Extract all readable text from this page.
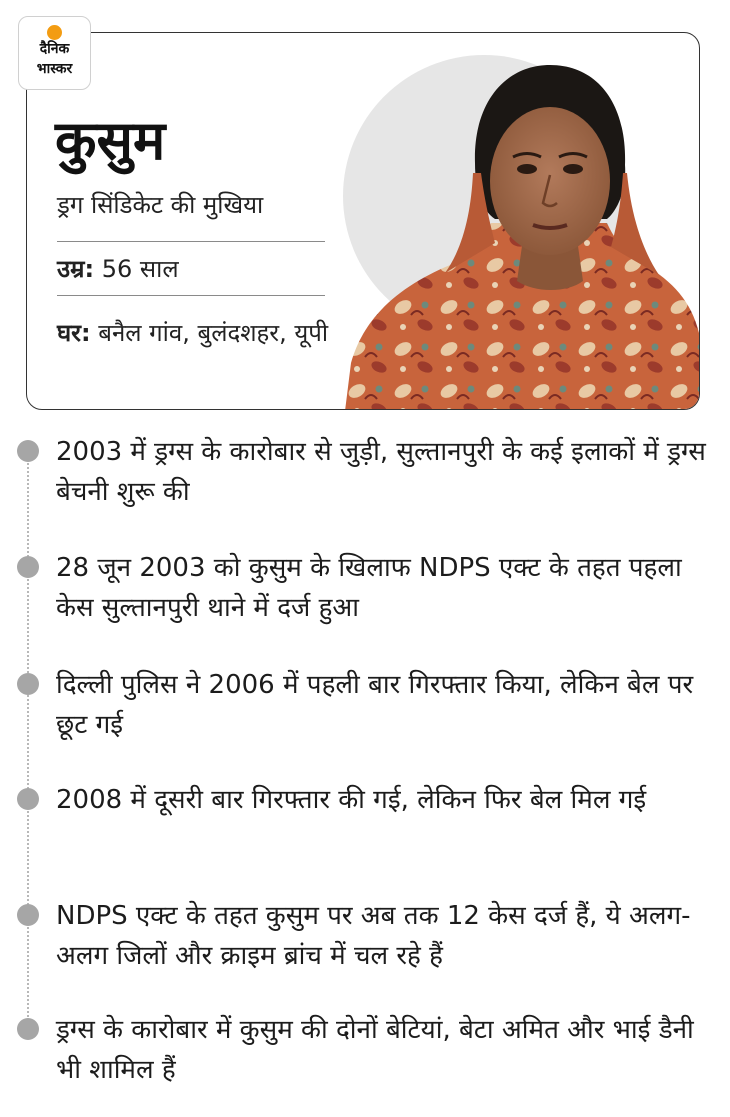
दैनिक
भास्कर
कुसुम
ड्रग सिंडिकेट की मुखिया
उम्र: 56 साल
घर: बनैल गांव, बुलंदशहर, यूपी
2003 में ड्रग्स के कारोबार से जुड़ी, सुल्तानपुरी के कई इलाकों में ड्रग्स बेचनी शुरू की
28 जून 2003 को कुसुम के खिलाफ NDPS एक्ट के तहत पहला केस सुल्तानपुरी थाने में दर्ज हुआ
दिल्ली पुलिस ने 2006 में पहली बार गिरफ्तार किया, लेकिन बेल पर छूट गई
2008 में दूसरी बार गिरफ्तार की गई, लेकिन फिर बेल मिल गई
NDPS एक्ट के तहत कुसुम पर अब तक 12 केस दर्ज हैं, ये अलग-अलग जिलों और क्राइम ब्रांच में चल रहे हैं
ड्रग्स के कारोबार में कुसुम की दोनों बेटियां, बेटा अमित और भाई डैनी भी शामिल हैं
